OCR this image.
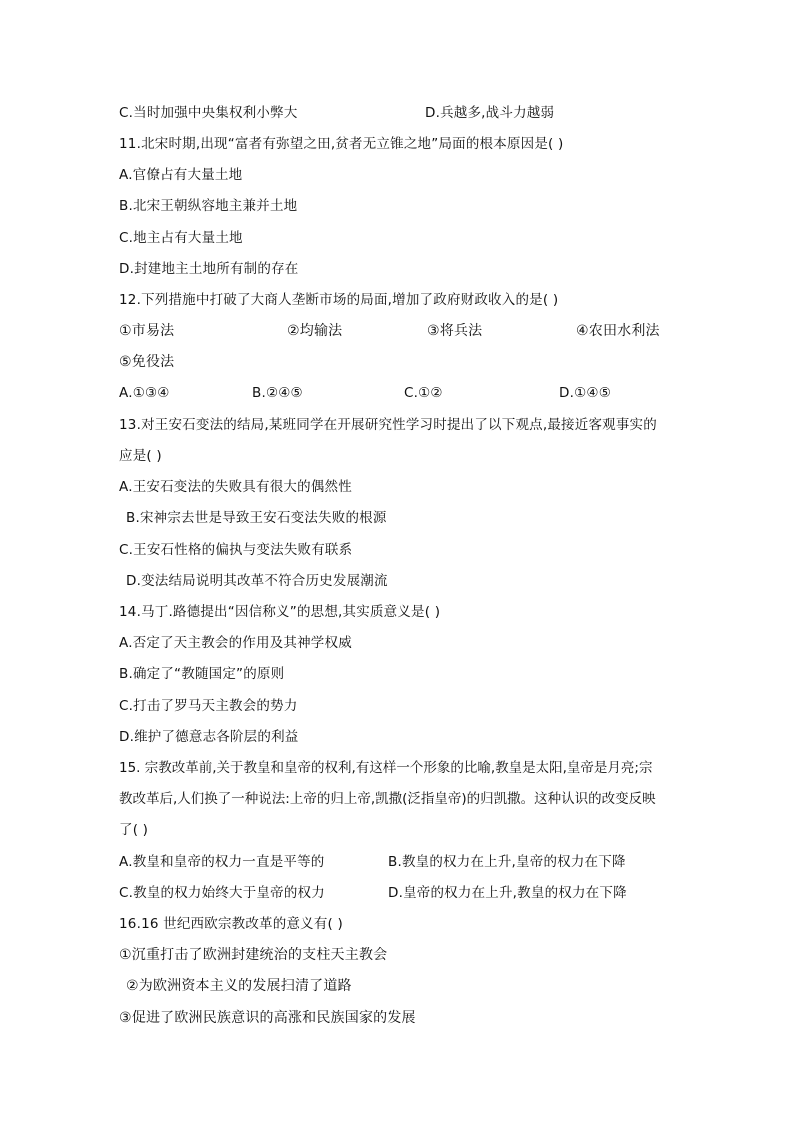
C.当时加强中央集权利小弊大	D.兵越多,战斗力越弱
11.北宋时期,出现“富者有弥望之田,贫者无立锥之地”局面的根本原因是( )
A.官僚占有大量土地
B.北宋王朝纵容地主兼并土地
C.地主占有大量土地
D.封建地主土地所有制的存在
12.下列措施中打破了大商人垄断市场的局面,增加了政府财政收入的是( )
①市易法	②均输法	③将兵法	④农田水利法
⑤免役法
A.①③④	B.②④⑤	C.①②	D.①④⑤
13.对王安石变法的结局,某班同学在开展研究性学习时提出了以下观点,最接近客观事实的
应是( )
A.王安石变法的失败具有很大的偶然性
B.宋神宗去世是导致王安石变法失败的根源
C.王安石性格的偏执与变法失败有联系
D.变法结局说明其改革不符合历史发展潮流
14.马丁.路德提出“因信称义”的思想,其实质意义是( )
A.否定了天主教会的作用及其神学权威
B.确定了“教随国定”的原则
C.打击了罗马天主教会的势力
D.维护了德意志各阶层的利益
15. 宗教改革前,关于教皇和皇帝的权利,有这样一个形象的比喻,教皇是太阳,皇帝是月亮;宗
教改革后,人们换了一种说法:上帝的归上帝,凯撒(泛指皇帝)的归凯撒。这种认识的改变反映
了( )
A.教皇和皇帝的权力一直是平等的	B.教皇的权力在上升,皇帝的权力在下降
C.教皇的权力始终大于皇帝的权力	D.皇帝的权力在上升,教皇的权力在下降
16.16 世纪西欧宗教改革的意义有( )
①沉重打击了欧洲封建统治的支柱天主教会
②为欧洲资本主义的发展扫清了道路
③促进了欧洲民族意识的高涨和民族国家的发展
